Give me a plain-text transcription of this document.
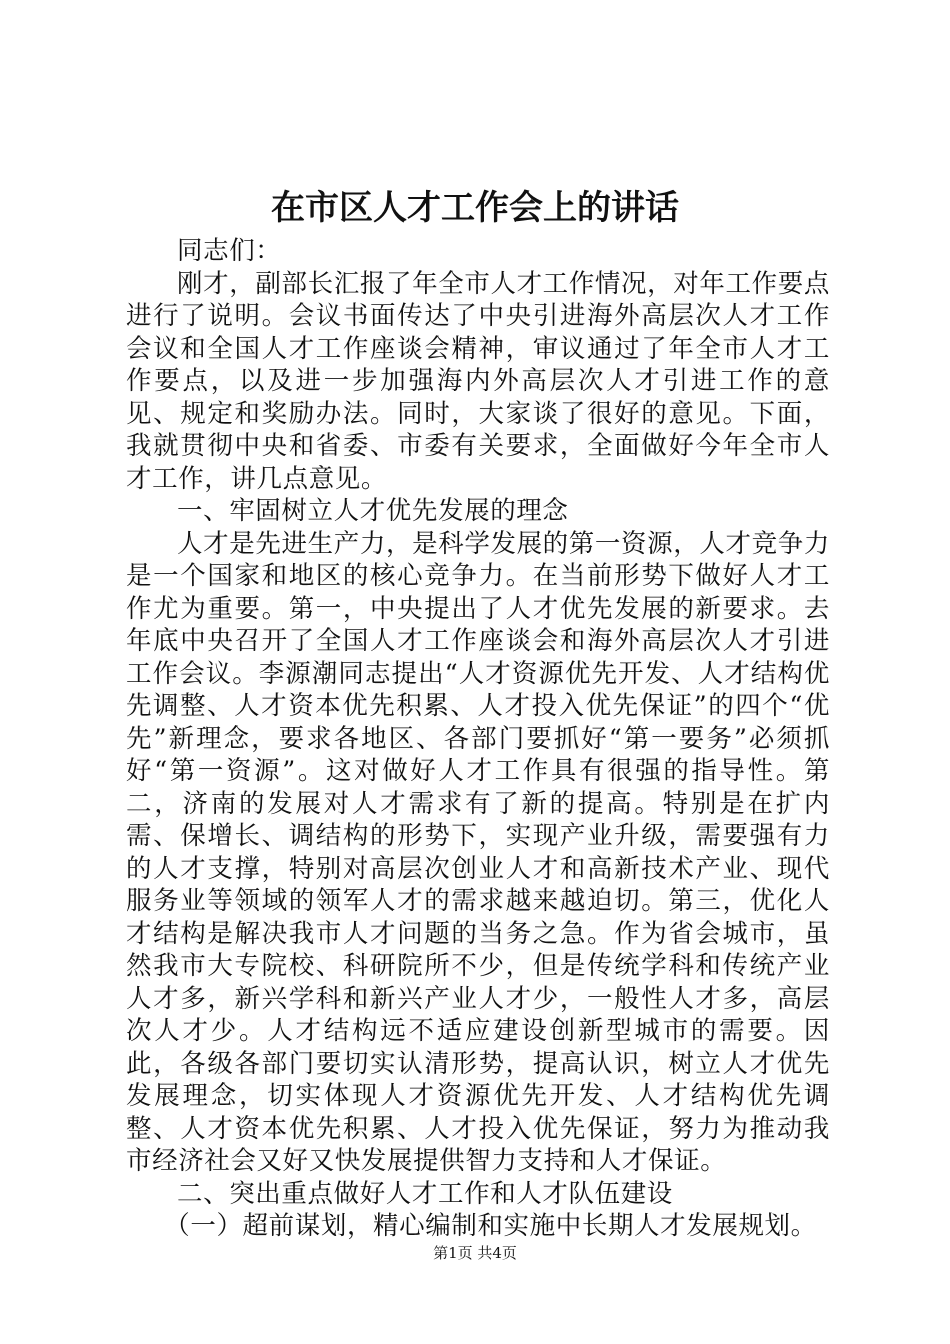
在市区人才工作会上的讲话

同志们：

刚才，副部长汇报了年全市人才工作情况，对年工作要点进行了说明。会议书面传达了中央引进海外高层次人才工作会议和全国人才工作座谈会精神，审议通过了年全市人才工作要点，以及进一步加强海内外高层次人才引进工作的意见、规定和奖励办法。同时，大家谈了很好的意见。下面，我就贯彻中央和省委、市委有关要求，全面做好今年全市人才工作，讲几点意见。

一、牢固树立人才优先发展的理念

人才是先进生产力，是科学发展的第一资源，人才竞争力是一个国家和地区的核心竞争力。在当前形势下做好人才工作尤为重要。第一，中央提出了人才优先发展的新要求。去年底中央召开了全国人才工作座谈会和海外高层次人才引进工作会议。李源潮同志提出“人才资源优先开发、人才结构优先调整、人才资本优先积累、人才投入优先保证”的四个“优先”新理念，要求各地区、各部门要抓好“第一要务”必须抓好“第一资源”。这对做好人才工作具有很强的指导性。第二，济南的发展对人才需求有了新的提高。特别是在扩内需、保增长、调结构的形势下，实现产业升级，需要强有力的人才支撑，特别对高层次创业人才和高新技术产业、现代服务业等领域的领军人才的需求越来越迫切。第三，优化人才结构是解决我市人才问题的当务之急。作为省会城市，虽然我市大专院校、科研院所不少，但是传统学科和传统产业人才多，新兴学科和新兴产业人才少，一般性人才多，高层次人才少。人才结构远不适应建设创新型城市的需要。因此，各级各部门要切实认清形势，提高认识，树立人才优先发展理念，切实体现人才资源优先开发、人才结构优先调整、人才资本优先积累、人才投入优先保证，努力为推动我市经济社会又好又快发展提供智力支持和人才保证。

二、突出重点做好人才工作和人才队伍建设

（一）超前谋划，精心编制和实施中长期人才发展规划。

第1页 共4页
